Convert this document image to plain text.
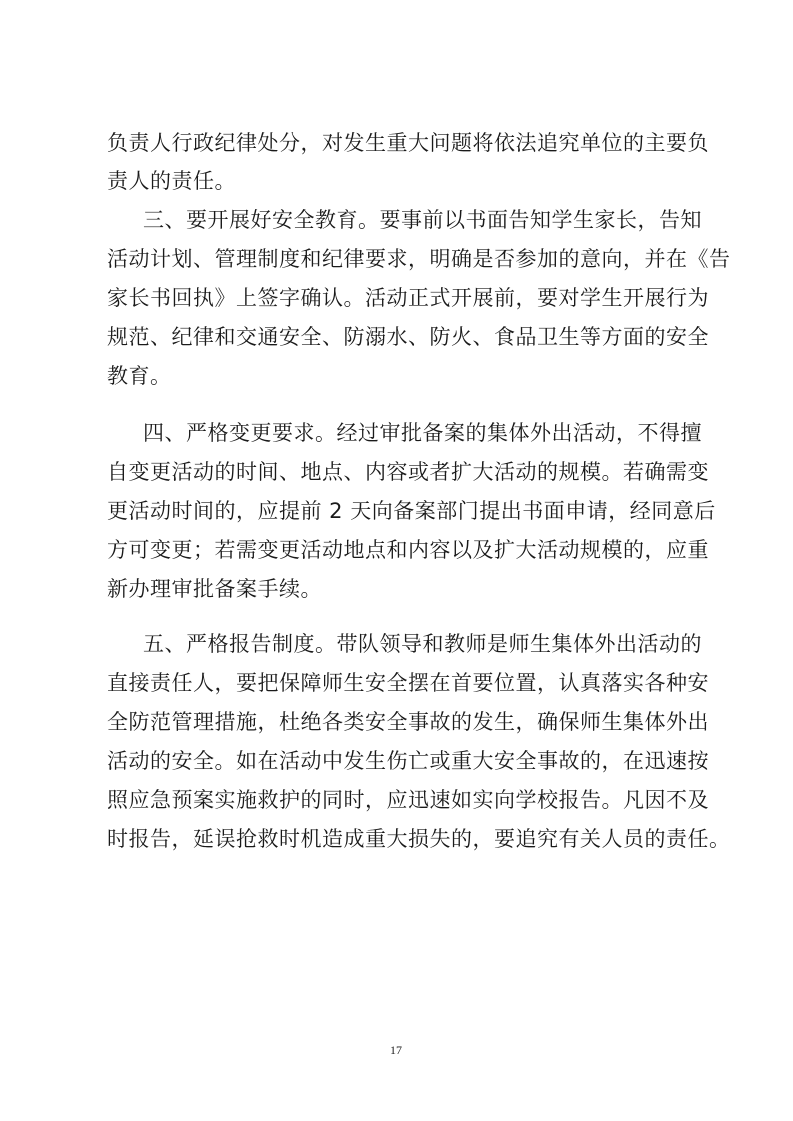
负责人行政纪律处分，对发生重大问题将依法追究单位的主要负
责人的责任。
三、要开展好安全教育。要事前以书面告知学生家长，告知
活动计划、管理制度和纪律要求，明确是否参加的意向，并在《告
家长书回执》上签字确认。活动正式开展前，要对学生开展行为
规范、纪律和交通安全、防溺水、防火、食品卫生等方面的安全
教育。
四、严格变更要求。经过审批备案的集体外出活动，不得擅
自变更活动的时间、地点、内容或者扩大活动的规模。若确需变
更活动时间的，应提前 2 天向备案部门提出书面申请，经同意后
方可变更；若需变更活动地点和内容以及扩大活动规模的，应重
新办理审批备案手续。
五、严格报告制度。带队领导和教师是师生集体外出活动的
直接责任人，要把保障师生安全摆在首要位置，认真落实各种安
全防范管理措施，杜绝各类安全事故的发生，确保师生集体外出
活动的安全。如在活动中发生伤亡或重大安全事故的，在迅速按
照应急预案实施救护的同时，应迅速如实向学校报告。凡因不及
时报告，延误抢救时机造成重大损失的，要追究有关人员的责任。
17
